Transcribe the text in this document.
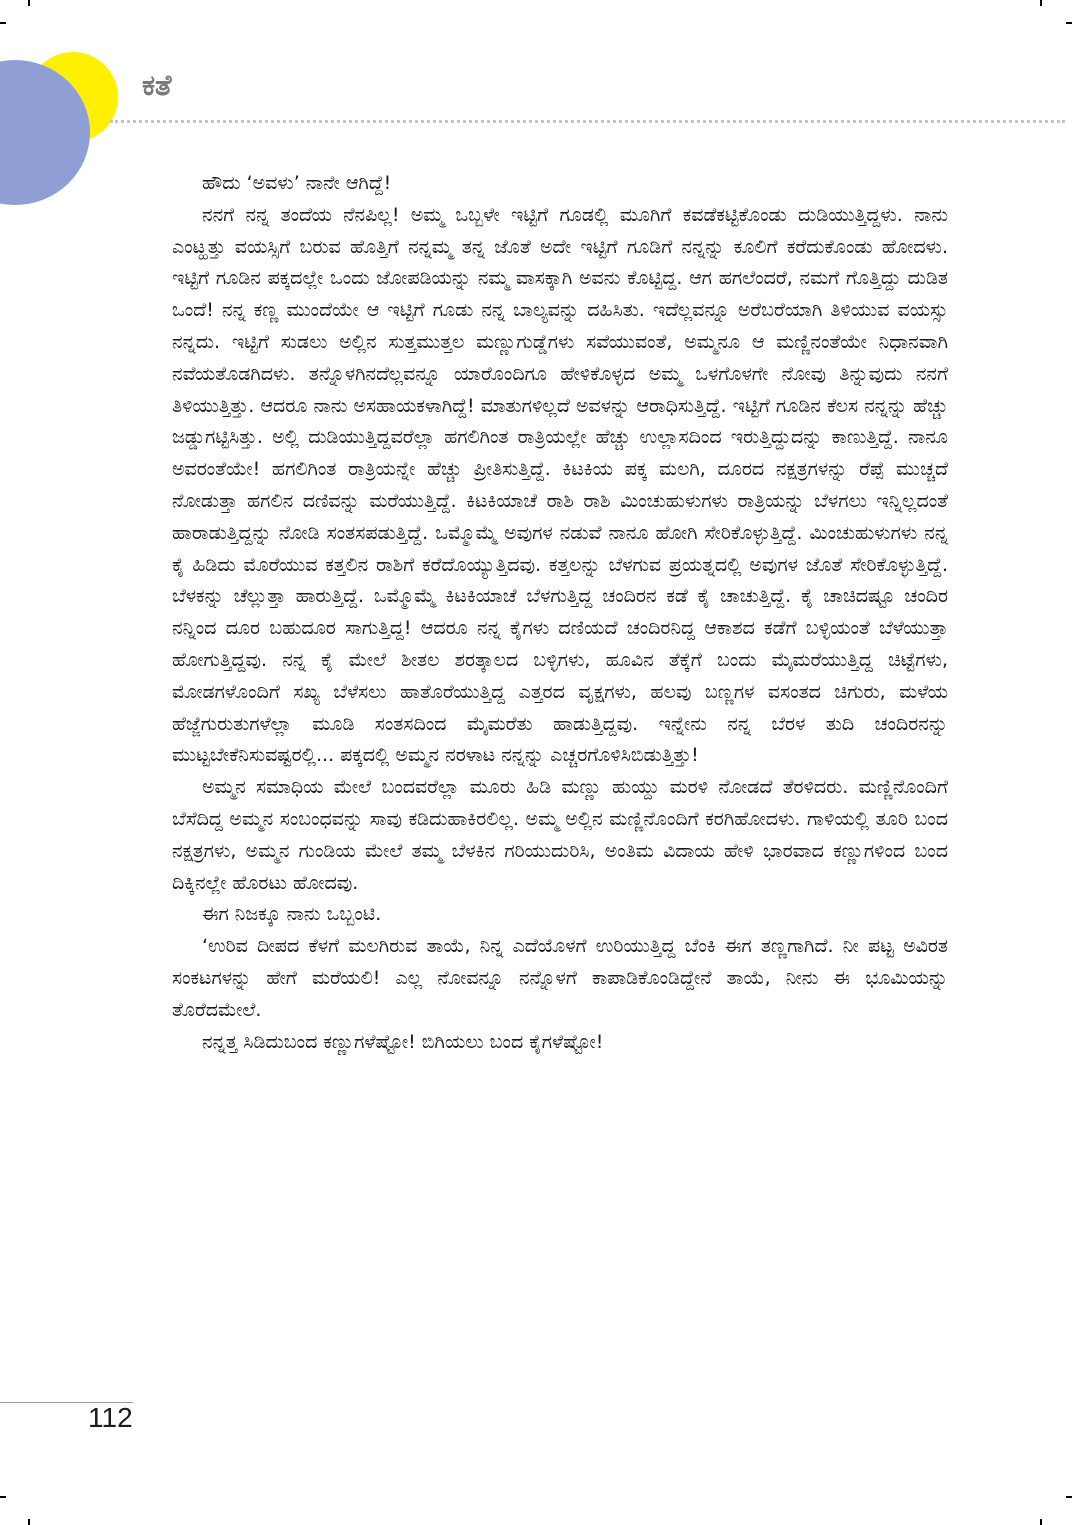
ಕತೆ

ಹೌದು ‘ಅವಳು’ ನಾನೇ ಆಗಿದ್ದೆ!

ನನಗೆ ನನ್ನ ತಂದೆಯ ನೆನಪಿಲ್ಲ! ಅಮ್ಮ ಒಬ್ಬಳೇ ಇಟ್ಟಿಗೆ ಗೂಡಲ್ಲಿ ಮೂಗಿಗೆ ಕವಡೆಕಟ್ಟಿಕೊಂಡು ದುಡಿಯುತ್ತಿದ್ದಳು. ನಾನು ಎಂಟ್ಹತ್ತು ವಯಸ್ಸಿಗೆ ಬರುವ ಹೊತ್ತಿಗೆ ನನ್ನಮ್ಮ ತನ್ನ ಜೊತೆ ಅದೇ ಇಟ್ಟಿಗೆ ಗೂಡಿಗೆ ನನ್ನನ್ನು ಕೂಲಿಗೆ ಕರೆದುಕೊಂಡು ಹೋದಳು. ಇಟ್ಟಿಗೆ ಗೂಡಿನ ಪಕ್ಕದಲ್ಲೇ ಒಂದು ಜೋಪಡಿಯನ್ನು ನಮ್ಮ ವಾಸಕ್ಕಾಗಿ ಅವನು ಕೊಟ್ಟಿದ್ದ. ಆಗ ಹಗಲೆಂದರೆ, ನಮಗೆ ಗೊತ್ತಿದ್ದು ದುಡಿತ ಒಂದೆ! ನನ್ನ ಕಣ್ಣ ಮುಂದೆಯೇ ಆ ಇಟ್ಟಿಗೆ ಗೂಡು ನನ್ನ ಬಾಲ್ಯವನ್ನು ದಹಿಸಿತು. ಇದೆಲ್ಲವನ್ನೂ ಅರೆಬರೆಯಾಗಿ ತಿಳಿಯುವ ವಯಸ್ಸು ನನ್ನದು. ಇಟ್ಟಿಗೆ ಸುಡಲು ಅಲ್ಲಿನ ಸುತ್ತಮುತ್ತಲ ಮಣ್ಣುಗುಡ್ಡೆಗಳು ಸವೆಯುವಂತೆ, ಅಮ್ಮನೂ ಆ ಮಣ್ಣಿನಂತೆಯೇ ನಿಧಾನವಾಗಿ ನವೆಯತೊಡಗಿದಳು. ತನ್ನೊಳಗಿನದೆಲ್ಲವನ್ನೂ ಯಾರೊಂದಿಗೂ ಹೇಳಿಕೊಳ್ಳದ ಅಮ್ಮ ಒಳಗೊಳಗೇ ನೋವು ತಿನ್ನುವುದು ನನಗೆ ತಿಳಿಯುತ್ತಿತ್ತು. ಆದರೂ ನಾನು ಅಸಹಾಯಕಳಾಗಿದ್ದೆ! ಮಾತುಗಳಿಲ್ಲದೆ ಅವಳನ್ನು ಆರಾಧಿಸುತ್ತಿದ್ದೆ. ಇಟ್ಟಿಗೆ ಗೂಡಿನ ಕೆಲಸ ನನ್ನನ್ನು ಹೆಚ್ಚು ಜಡ್ಡುಗಟ್ಟಿಸಿತ್ತು. ಅಲ್ಲಿ ದುಡಿಯುತ್ತಿದ್ದವರೆಲ್ಲಾ ಹಗಲಿಗಿಂತ ರಾತ್ರಿಯಲ್ಲೇ ಹೆಚ್ಚು ಉಲ್ಲಾಸದಿಂದ ಇರುತ್ತಿದ್ದುದನ್ನು ಕಾಣುತ್ತಿದ್ದೆ. ನಾನೂ ಅವರಂತೆಯೇ! ಹಗಲಿಗಿಂತ ರಾತ್ರಿಯನ್ನೇ ಹೆಚ್ಚು ಪ್ರೀತಿಸುತ್ತಿದ್ದೆ. ಕಿಟಕಿಯ ಪಕ್ಕ ಮಲಗಿ, ದೂರದ ನಕ್ಷತ್ರಗಳನ್ನು ರೆಪ್ಪೆ ಮುಚ್ಚದೆ ನೋಡುತ್ತಾ ಹಗಲಿನ ದಣಿವನ್ನು ಮರೆಯುತ್ತಿದ್ದೆ. ಕಿಟಕಿಯಾಚೆ ರಾಶಿ ರಾಶಿ ಮಿಂಚುಹುಳುಗಳು ರಾತ್ರಿಯನ್ನು ಬೆಳಗಲು ಇನ್ನಿಲ್ಲದಂತೆ ಹಾರಾಡುತ್ತಿದ್ದನ್ನು ನೋಡಿ ಸಂತಸಪಡುತ್ತಿದ್ದೆ. ಒಮ್ಮೊಮ್ಮೆ ಅವುಗಳ ನಡುವೆ ನಾನೂ ಹೋಗಿ ಸೇರಿಕೊಳ್ಳುತ್ತಿದ್ದೆ. ಮಿಂಚುಹುಳುಗಳು ನನ್ನ ಕೈ ಹಿಡಿದು ಮೊರೆಯುವ ಕತ್ತಲಿನ ರಾಶಿಗೆ ಕರೆದೊಯ್ಯುತ್ತಿದವು. ಕತ್ತಲನ್ನು ಬೆಳಗುವ ಪ್ರಯತ್ನದಲ್ಲಿ ಅವುಗಳ ಜೊತೆ ಸೇರಿಕೊಳ್ಳುತ್ತಿದ್ದೆ. ಬೆಳಕನ್ನು ಚೆಲ್ಲುತ್ತಾ ಹಾರುತ್ತಿದ್ದೆ. ಒಮ್ಮೊಮ್ಮೆ ಕಿಟಕಿಯಾಚೆ ಬೆಳಗುತ್ತಿದ್ದ ಚಂದಿರನ ಕಡೆ ಕೈ ಚಾಚುತ್ತಿದ್ದೆ. ಕೈ ಚಾಚಿದಷ್ಟೂ ಚಂದಿರ ನನ್ನಿಂದ ದೂರ ಬಹುದೂರ ಸಾಗುತ್ತಿದ್ದ! ಆದರೂ ನನ್ನ ಕೈಗಳು ದಣಿಯದೆ ಚಂದಿರನಿದ್ದ ಆಕಾಶದ ಕಡೆಗೆ ಬಳ್ಳಿಯಂತೆ ಬೆಳೆಯುತ್ತಾ ಹೋಗುತ್ತಿದ್ದವು. ನನ್ನ ಕೈ ಮೇಲೆ ಶೀತಲ ಶರತ್ಕಾಲದ ಬಳ್ಳಿಗಳು, ಹೂವಿನ ತೆಕ್ಕೆಗೆ ಬಂದು ಮೈಮರೆಯುತ್ತಿದ್ದ ಚಿಟ್ಟೆಗಳು, ಮೋಡಗಳೊಂದಿಗೆ ಸಖ್ಯ ಬೆಳೆಸಲು ಹಾತೊರೆಯುತ್ತಿದ್ದ ಎತ್ತರದ ವೃಕ್ಷಗಳು, ಹಲವು ಬಣ್ಣಗಳ ವಸಂತದ ಚಿಗುರು, ಮಳೆಯ ಹೆಜ್ಜೆಗುರುತುಗಳೆಲ್ಲಾ ಮೂಡಿ ಸಂತಸದಿಂದ ಮೈಮರೆತು ಹಾಡುತ್ತಿದ್ದವು. ಇನ್ನೇನು ನನ್ನ ಬೆರಳ ತುದಿ ಚಂದಿರನನ್ನು ಮುಟ್ಟಬೇಕೆನಿಸುವಷ್ಟರಲ್ಲಿ... ಪಕ್ಕದಲ್ಲಿ ಅಮ್ಮನ ನರಳಾಟ ನನ್ನನ್ನು ಎಚ್ಚರಗೊಳಿಸಿಬಿಡುತ್ತಿತ್ತು!

ಅಮ್ಮನ ಸಮಾಧಿಯ ಮೇಲೆ ಬಂದವರೆಲ್ಲಾ ಮೂರು ಹಿಡಿ ಮಣ್ಣು ಹುಯ್ದು ಮರಳಿ ನೋಡದೆ ತೆರಳಿದರು. ಮಣ್ಣಿನೊಂದಿಗೆ ಬೆಸೆದಿದ್ದ ಅಮ್ಮನ ಸಂಬಂಧವನ್ನು ಸಾವು ಕಡಿದುಹಾಕಿರಲಿಲ್ಲ. ಅಮ್ಮ ಅಲ್ಲಿನ ಮಣ್ಣಿನೊಂದಿಗೆ ಕರಗಿಹೋದಳು. ಗಾಳಿಯಲ್ಲಿ ತೂರಿ ಬಂದ ನಕ್ಷತ್ರಗಳು, ಅಮ್ಮನ ಗುಂಡಿಯ ಮೇಲೆ ತಮ್ಮ ಬೆಳಕಿನ ಗರಿಯುದುರಿಸಿ, ಅಂತಿಮ ವಿದಾಯ ಹೇಳಿ ಭಾರವಾದ ಕಣ್ಣುಗಳಿಂದ ಬಂದ ದಿಕ್ಕಿನಲ್ಲೇ ಹೊರಟು ಹೋದವು.

ಈಗ ನಿಜಕ್ಕೂ ನಾನು ಒಬ್ಬಂಟಿ.

‘ಉರಿವ ದೀಪದ ಕೆಳಗೆ ಮಲಗಿರುವ ತಾಯೆ, ನಿನ್ನ ಎದೆಯೊಳಗೆ ಉರಿಯುತ್ತಿದ್ದ ಬೆಂಕಿ ಈಗ ತಣ್ಣಗಾಗಿದೆ. ನೀ ಪಟ್ಟ ಅವಿರತ ಸಂಕಟಗಳನ್ನು ಹೇಗೆ ಮರೆಯಲಿ! ಎಲ್ಲ ನೋವನ್ನೂ ನನ್ನೊಳಗೆ ಕಾಪಾಡಿಕೊಂಡಿದ್ದೇನೆ ತಾಯೆ, ನೀನು ಈ ಭೂಮಿಯನ್ನು ತೊರೆದಮೇಲೆ.

ನನ್ನತ್ತ ಸಿಡಿದುಬಂದ ಕಣ್ಣುಗಳೆಷ್ಟೋ! ಬಿಗಿಯಲು ಬಂದ ಕೈಗಳೆಷ್ಟೋ!

112
